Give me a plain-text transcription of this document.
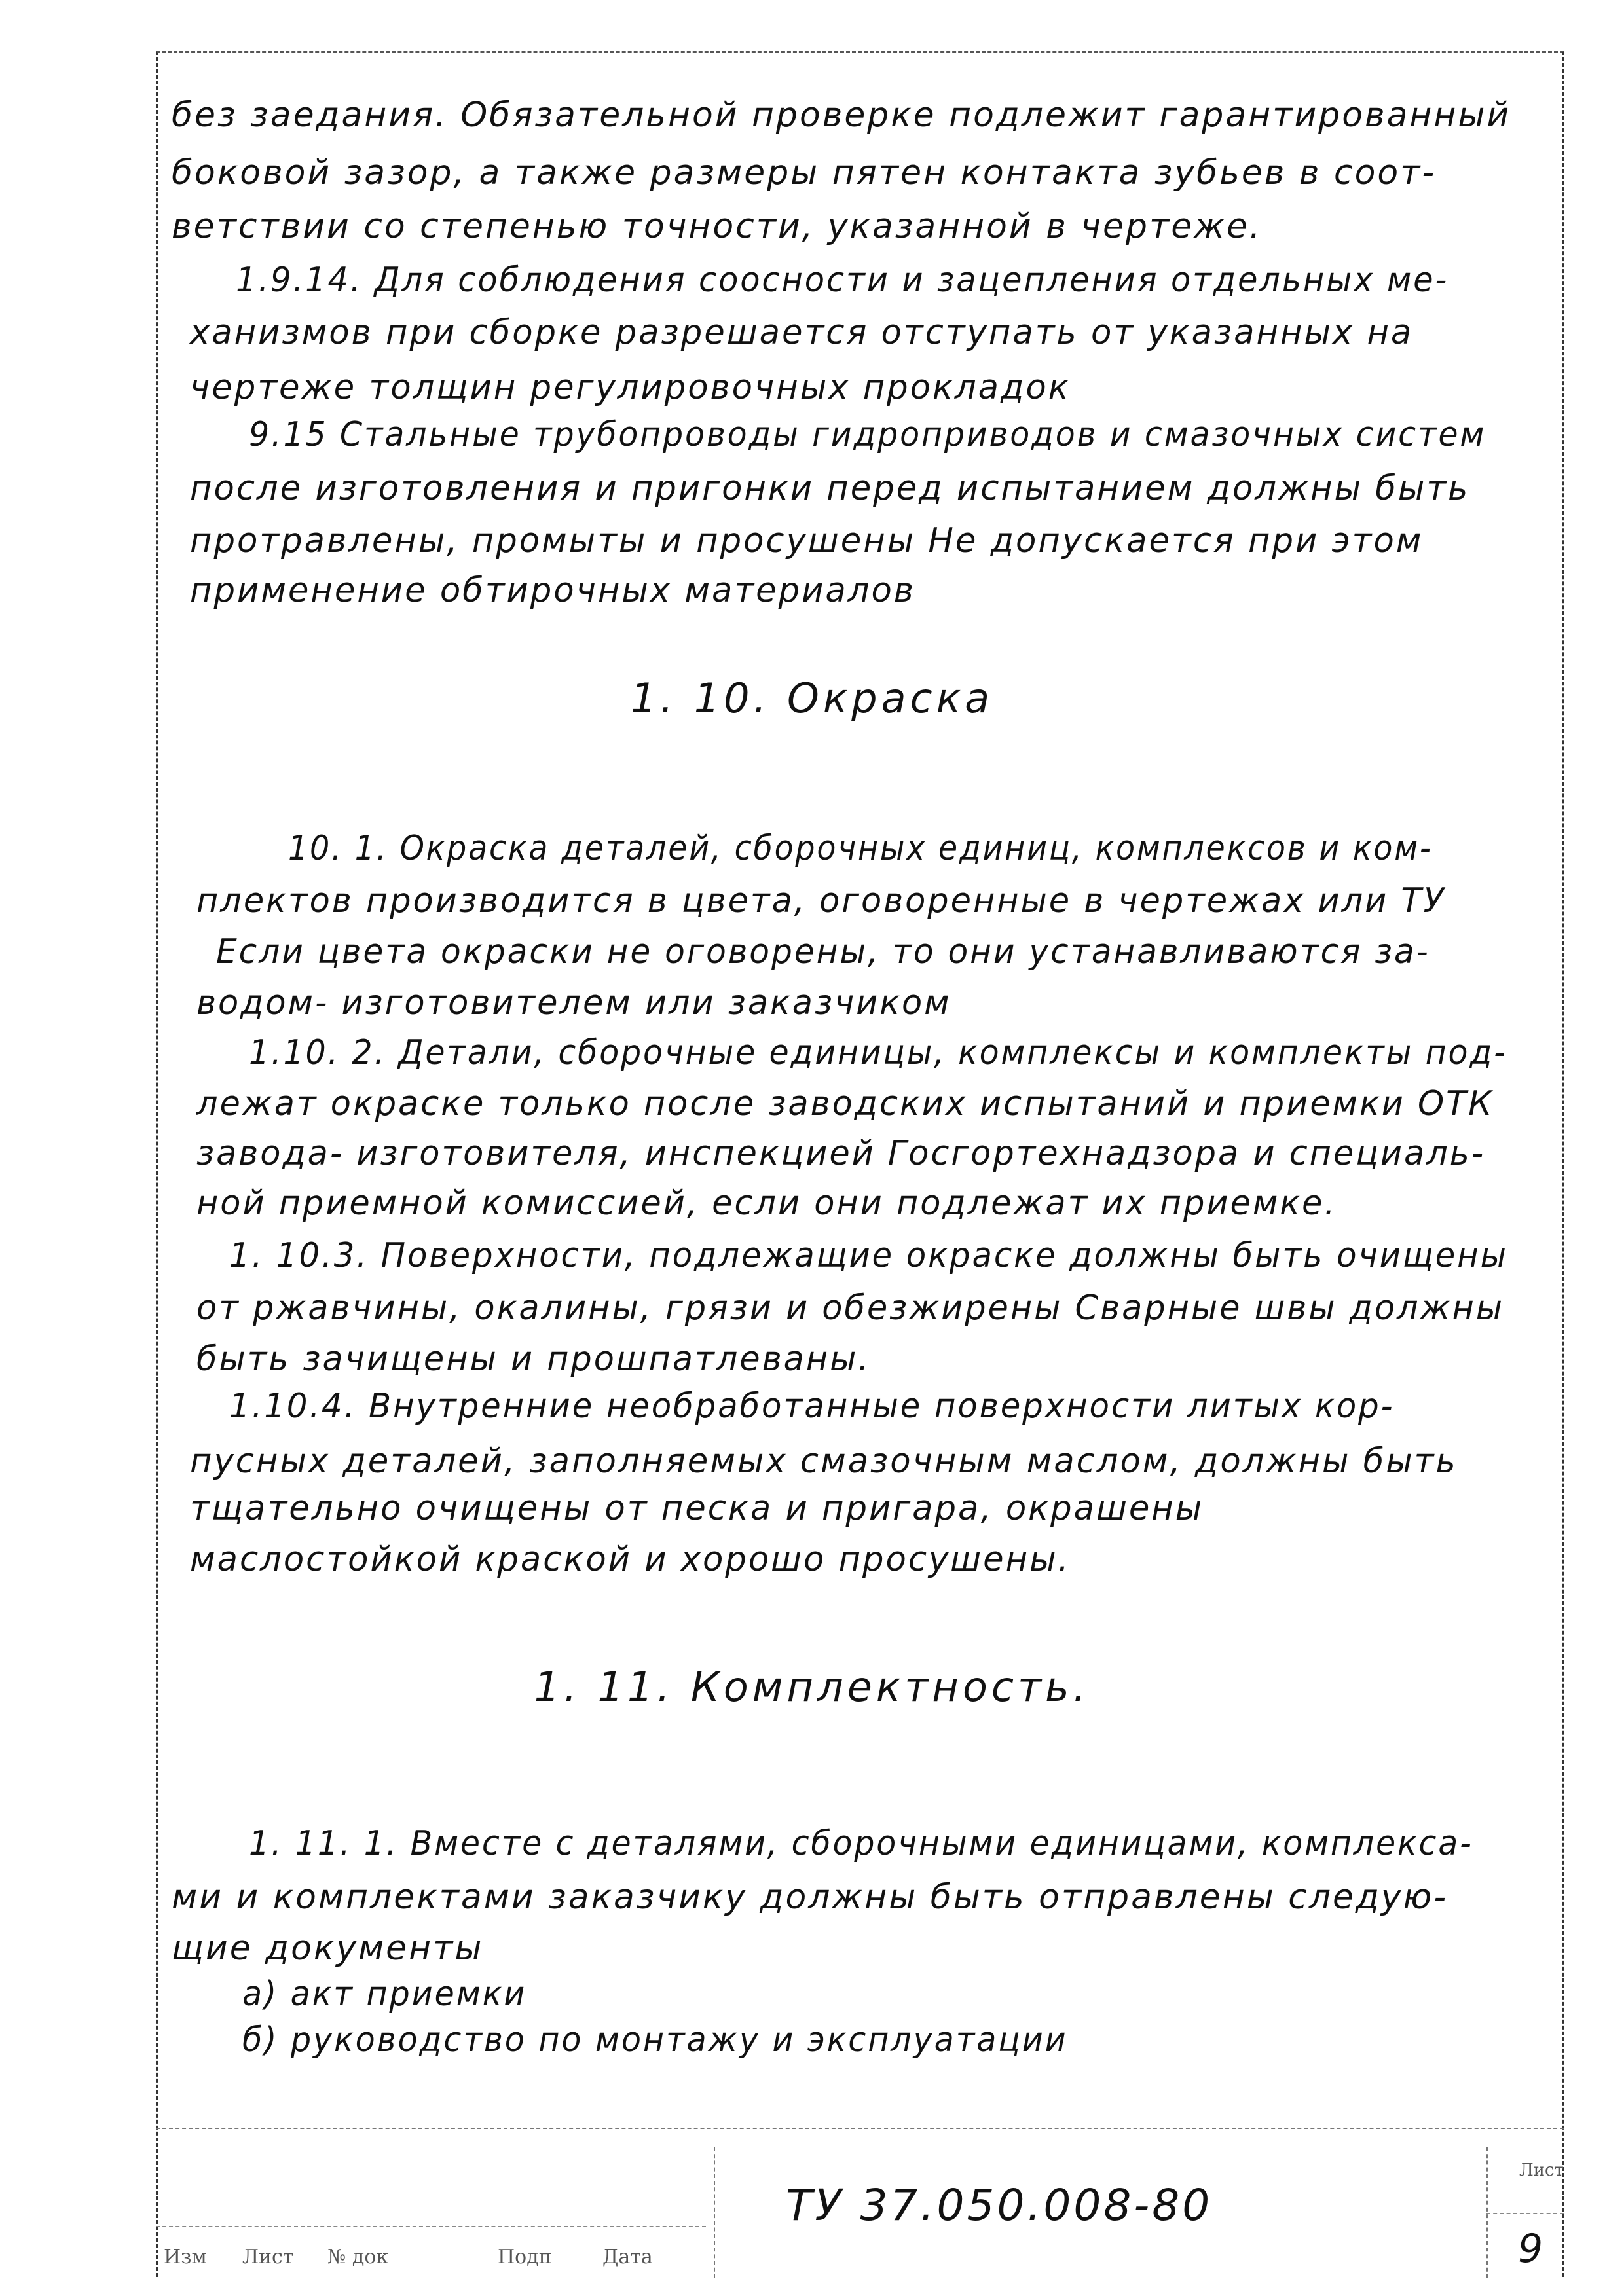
без заедания. Обязательной проверке подлежит гарантированный
боковой зазор, а также размеры пятен контакта зубьев в соот-
ветствии со степенью точности, указанной в чертеже.
1.9.14. Для соблюдения соосности и зацепления отдельных ме-
ханизмов при сборке разрешается отступать от указанных на
чертеже толщин регулировочных прокладок
9.15 Стальные трубопроводы гидроприводов и смазочных систем
после изготовления и пригонки перед испытанием должны быть
протравлены, промыты и просушены Не допускается при этом
применение обтирочных материалов
1. 10. Окраска
10. 1. Окраска деталей, сборочных единиц, комплексов и ком-
плектов производится в цвета, оговоренные в чертежах или ТУ
Если цвета окраски не оговорены, то они устанавливаются за-
водом- изготовителем или заказчиком
1.10. 2. Детали, сборочные единицы, комплексы и комплекты под-
лежат окраске только после заводских испытаний и приемки ОТК
завода- изготовителя, инспекцией Госгортехнадзора и специаль-
ной приемной комиссией, если они подлежат их приемке.
1. 10.3. Поверхности, подлежащие окраске должны быть очищены
от ржавчины, окалины, грязи и обезжирены Сварные швы должны
быть зачищены и прошпатлеваны.
1.10.4. Внутренние необработанные поверхности литых кор-
пусных деталей, заполняемых смазочным маслом, должны быть
тщательно очищены от песка и пригара, окрашены
маслостойкой краской и хорошо просушены.
1. 11. Комплектность.
1. 11. 1. Вместе с деталями, сборочными единицами, комплекса-
ми и комплектами заказчику должны быть отправлены следую-
щие документы
а) акт приемки
б) руководство по монтажу и эксплуатации
Изм Лист № док	Подп	Дата
ТУ 37.050.008-80
Лист
9
